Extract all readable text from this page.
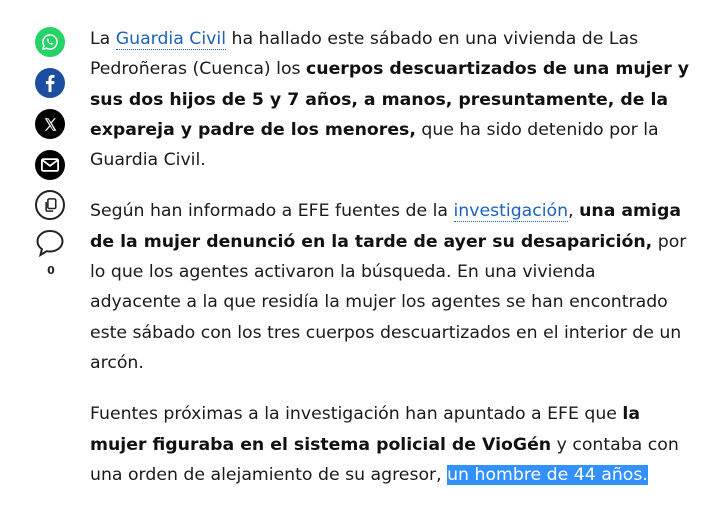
0

La Guardia Civil ha hallado este sábado en una vivienda de Las Pedroñeras (Cuenca) los cuerpos descuartizados de una mujer y sus dos hijos de 5 y 7 años, a manos, presuntamente, de la expareja y padre de los menores, que ha sido detenido por la Guardia Civil.

Según han informado a EFE fuentes de la investigación, una amiga de la mujer denunció en la tarde de ayer su desaparición, por lo que los agentes activaron la búsqueda. En una vivienda adyacente a la que residía la mujer los agentes se han encontrado este sábado con los tres cuerpos descuartizados en el interior de un arcón.

Fuentes próximas a la investigación han apuntado a EFE que la mujer figuraba en el sistema policial de VioGén y contaba con una orden de alejamiento de su agresor, un hombre de 44 años.
